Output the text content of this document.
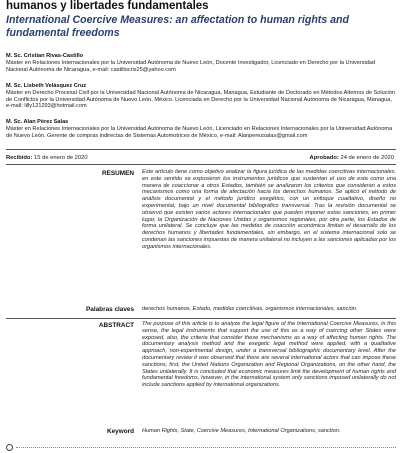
humanos y libertades fundamentales
International Coercive Measures: an affectation to human rights and fundamental freedoms
M. Sc. Cristian Rivas-Castillo
Máster en Relaciones Internacionales por la Universidad Autónoma de Nuevo León, Docente Investigador, Licenciado en Derecho por la Universidad Nacional Autónoma de Nicaragua, e-mail: castillocris25@yahoo.com
M. Sc. Lisbeth Velásquez Cruz
Máster en Derecho Procesal Civil por la Universidad Nacional Autónoma de Nicaragua, Managua, Estudiante de Doctorado en Métodos Alternos de Solución de Conflictos por la Universidad Autónoma de Nuevo León, México. Licenciada en Derecho por la Universidad Nacional Autónoma de Nicaragua, Managua, e-mail: lilly121293@hotmail.com
M. Sc. Alan Pérez Salas
Máster en Relaciones Internacionales por la Universidad Autónoma de Nuevo León, Licenciado en Relaciones Internacionales por la Universidad Autónoma de Nuevo León. Gerente de compras indirectas de Sistemas Automotrices de México, e-mail: Alanperezsalas@gmail.com
Recibido: 15 de enero de 2020	Aprobado: 24 de enero de 2020
RESUMEN Este artículo tiene como objetivo analizar la figura jurídica de las medidas coercitivas internacionales, en este sentido se expusieron los instrumentos jurídicos que sustentan el uso de esta como una manera de coaccionar a otros Estados, también se analizaron los criterios que consideran a estos mecanismos como una forma de afectación hacia los derechos humanos. Se aplicó el método de análisis documental y el método jurídico exegético, con un enfoque cualitativo, diseño no experimental, bajo un nivel documental bibliográfico transversal. Tras la revisión documental se observó que existen varios actores internacionales que pueden imponer estas sanciones, en primer lugar, la Organización de Naciones Unidas y organismos regionales, por otra parte, los Estados de forma unilateral. Se concluye que las medidas de coacción económica limitan el desarrollo de los derechos humanos y libertades fundamentales, sin embargo, en el sistema internacional solo se condenan las sanciones impuestas de manera unilateral no incluyen a las sanciones aplicadas por los organismos internacionales.
Palabras claves derechos humanos, Estado, medidas coercitivas, organismos internacionales, sanción.
ABSTRACT The purpose of this article is to analyze the legal figure of the International Coercive Measures, in this sense, the legal instruments that support the use of this as a way of coercing other States were exposed, also, the criteria that consider these mechanisms as a way of affecting human rights. The documentary analysis method and the exegetic legal method were applied, with a qualitative approach, non-experimental design, under a transversal bibliographic documentary level. After the documentary review it was observed that there are several international actors that can impose these sanctions, first, the United Nations Organization and Regional Organizations, on the other hand, the States unilaterally. It is concluded that economic measures limit the development of human rights and fundamental freedoms, however, in the international system only sanctions imposed unilaterally do not include sanctions applied by international organizations.
Keyword Human Rights, State, Coercive Measures, International Organizations, sanction.
